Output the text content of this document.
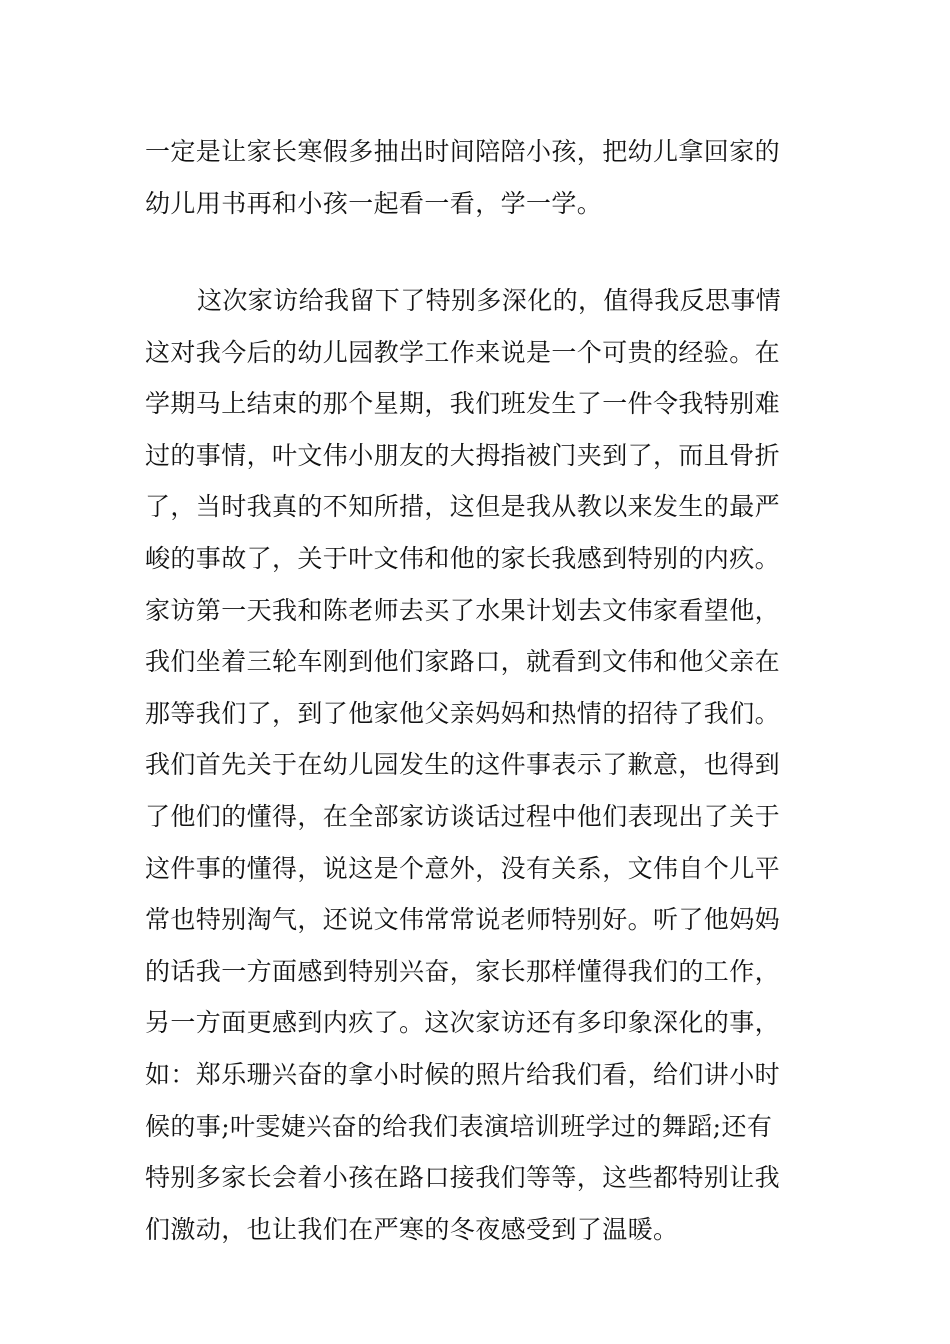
一定是让家长寒假多抽出时间陪陪小孩，把幼儿拿回家的
幼儿用书再和小孩一起看一看，学一学。
这次家访给我留下了特别多深化的，值得我反思事情
这对我今后的幼儿园教学工作来说是一个可贵的经验。在
学期马上结束的那个星期，我们班发生了一件令我特别难
过的事情，叶文伟小朋友的大拇指被门夹到了，而且骨折
了，当时我真的不知所措，这但是我从教以来发生的最严
峻的事故了，关于叶文伟和他的家长我感到特别的内疚。
家访第一天我和陈老师去买了水果计划去文伟家看望他，
我们坐着三轮车刚到他们家路口，就看到文伟和他父亲在
那等我们了，到了他家他父亲妈妈和热情的招待了我们。
我们首先关于在幼儿园发生的这件事表示了歉意，也得到
了他们的懂得，在全部家访谈话过程中他们表现出了关于
这件事的懂得，说这是个意外，没有关系，文伟自个儿平
常也特别淘气，还说文伟常常说老师特别好。听了他妈妈
的话我一方面感到特别兴奋，家长那样懂得我们的工作，
另一方面更感到内疚了。这次家访还有多印象深化的事，
如：郑乐珊兴奋的拿小时候的照片给我们看，给们讲小时
候的事;叶雯婕兴奋的给我们表演培训班学过的舞蹈;还有
特别多家长会着小孩在路口接我们等等，这些都特别让我
们激动，也让我们在严寒的冬夜感受到了温暖。
